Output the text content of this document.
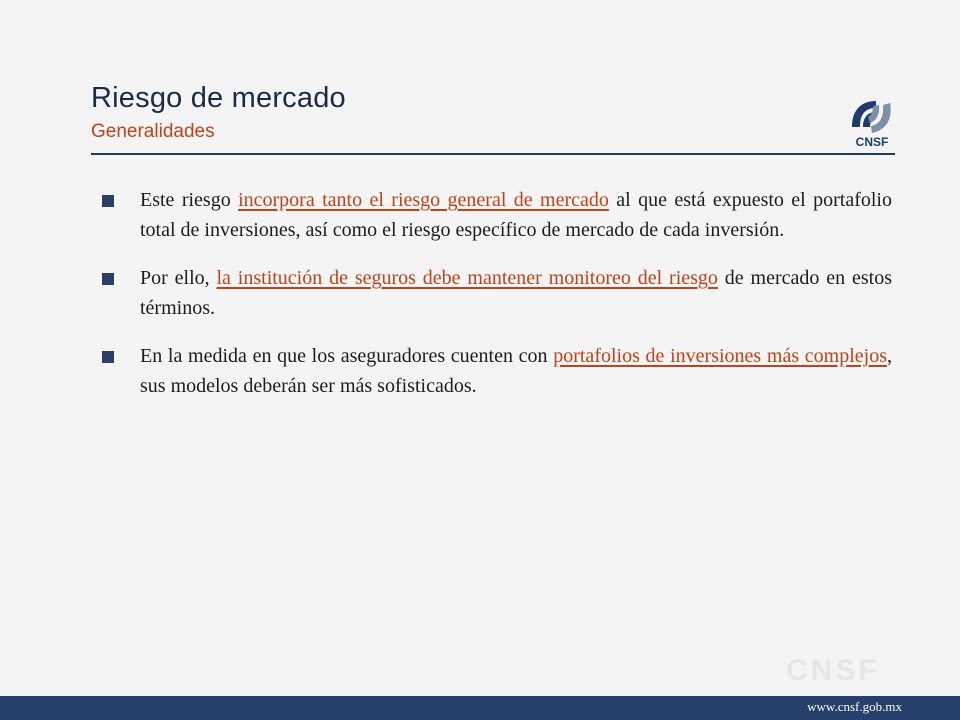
Riesgo de mercado
Generalidades	CNSF
Este riesgo incorpora tanto el riesgo general de mercado al que está expuesto el portafolio total de inversiones, así como el riesgo específico de mercado de cada inversión.
Por ello, la institución de seguros debe mantener monitoreo del riesgo de mercado en estos términos.
En la medida en que los aseguradores cuenten con portafolios de inversiones más complejos, sus modelos deberán ser más sofisticados.
CNSF
www.cnsf.gob.mx
